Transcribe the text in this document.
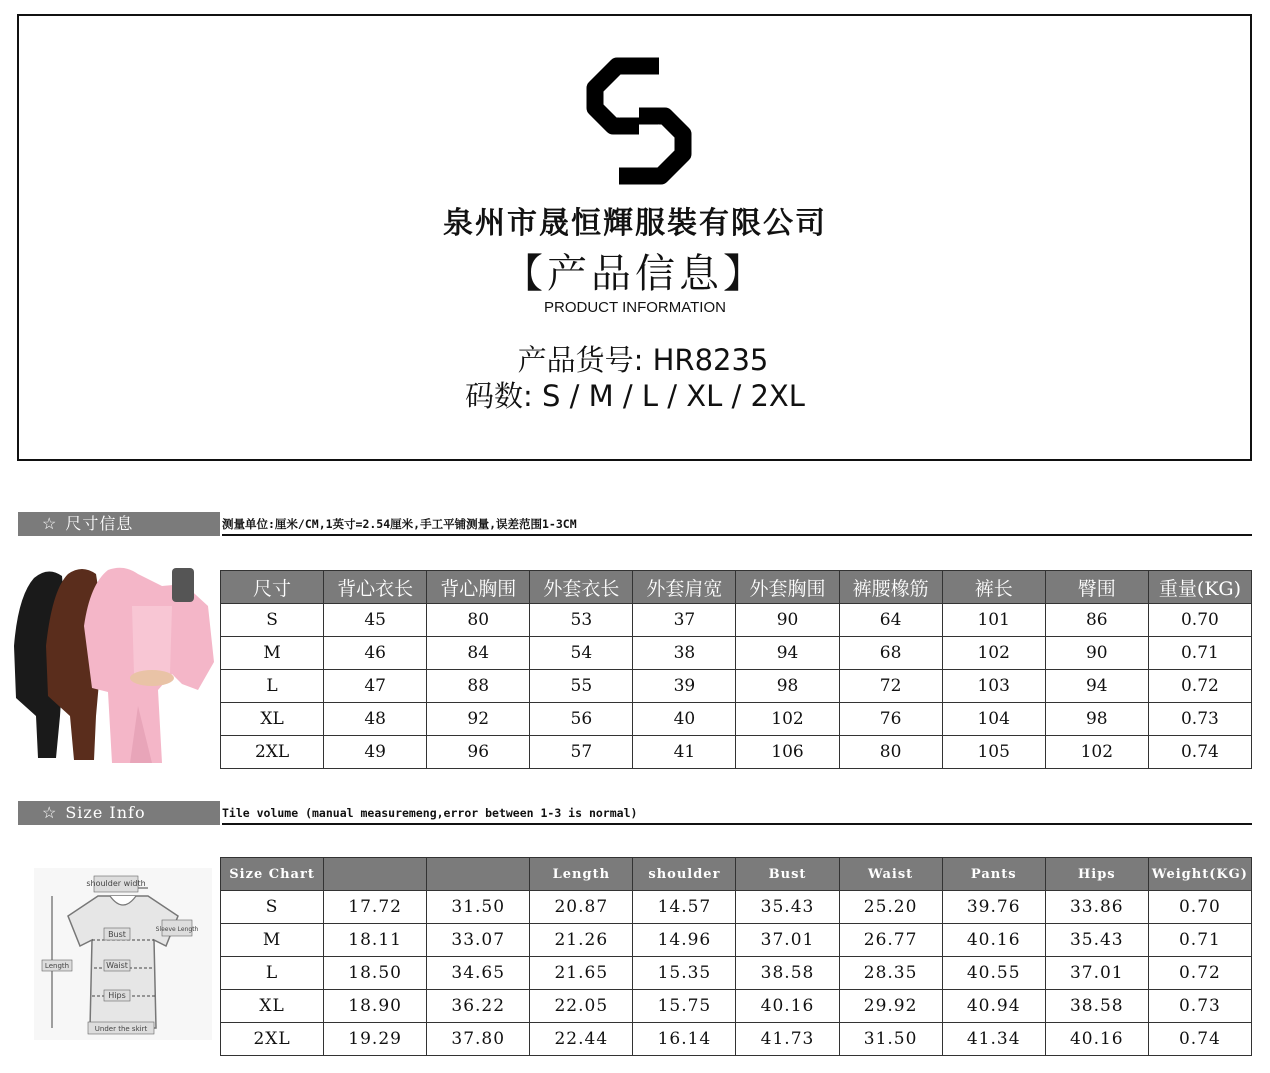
泉州市晟恒輝服裝有限公司
【产品信息】
PRODUCT INFORMATION
产品货号: HR8235
码数: S / M / L / XL / 2XL
☆ 尺寸信息	测量单位:厘米/CM,1英寸=2.54厘米,手工平铺测量,误差范围1-3CM
尺寸	背心衣长	背心胸围	外套衣长	外套肩宽	外套胸围	裤腰橡筋	裤长	臀围	重量(KG)
S	45	80	53	37	90	64	101	86	0.70
M	46	84	54	38	94	68	102	90	0.71
L	47	88	55	39	98	72	103	94	0.72
XL	48	92	56	40	102	76	104	98	0.73
2XL	49	96	57	41	106	80	105	102	0.74
☆ Size Info	Tile volume (manual measuremeng,error between 1-3 is normal)
shoulder width
Sleeve Length
Bust
Length	Waist
Hips
Under the skirt
Size Chart			Length	shoulder	Bust	Waist	Pants	Hips	Weight(KG)
S	17.72	31.50	20.87	14.57	35.43	25.20	39.76	33.86	0.70
M	18.11	33.07	21.26	14.96	37.01	26.77	40.16	35.43	0.71
L	18.50	34.65	21.65	15.35	38.58	28.35	40.55	37.01	0.72
XL	18.90	36.22	22.05	15.75	40.16	29.92	40.94	38.58	0.73
2XL	19.29	37.80	22.44	16.14	41.73	31.50	41.34	40.16	0.74
